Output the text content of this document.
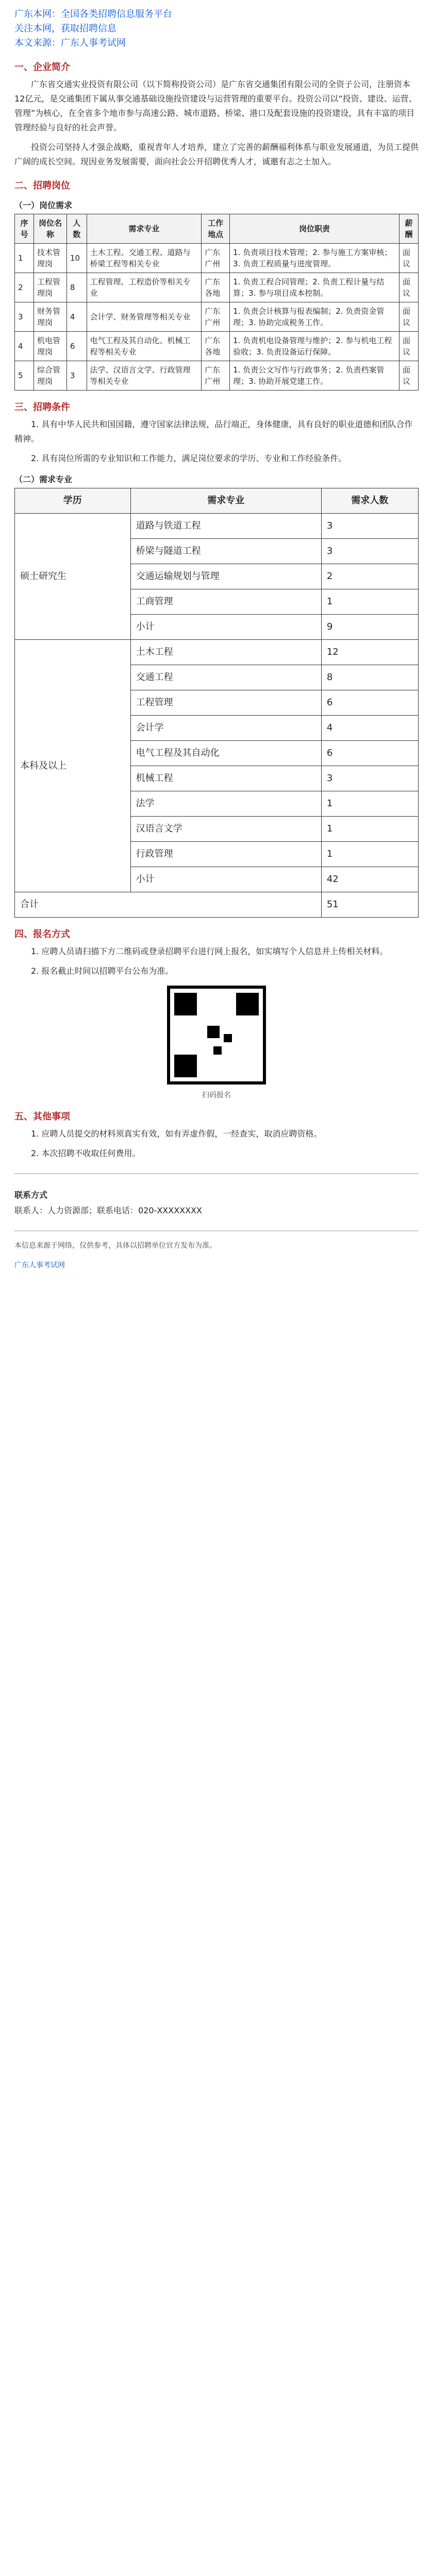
广东本网：全国各类招聘信息服务平台
关注本网，获取招聘信息
本文来源：广东人事考试网
一、企业简介

广东省交通实业投资有限公司（以下简称投资公司）是广东省交通集团有限公司的全资子公司，注册资本12亿元，是交通集团下属从事交通基础设施投资建设与运营管理的重要平台。投资公司以“投资、建设、运营、管理”为核心，在全省多个地市参与高速公路、城市道路、桥梁、港口及配套设施的投资建设，具有丰富的项目管理经验与良好的社会声誉。

投资公司坚持人才强企战略，重视青年人才培养，建立了完善的薪酬福利体系与职业发展通道，为员工提供广阔的成长空间。现因业务发展需要，面向社会公开招聘优秀人才，诚邀有志之士加入。

二、招聘岗位
（一）岗位需求
序号	岗位名称	人数	需求专业	工作地点	岗位职责	薪酬
1	技术管理岗	10	土木工程、交通工程、道路与桥梁工程等相关专业	广东广州	1. 负责项目技术管理；2. 参与施工方案审核；3. 负责工程质量与进度管理。	面议
2	工程管理岗	8	工程管理、工程造价等相关专业	广东各地	1. 负责工程合同管理；2. 负责工程计量与结算；3. 参与项目成本控制。	面议
3	财务管理岗	4	会计学、财务管理等相关专业	广东广州	1. 负责会计核算与报表编制；2. 负责资金管理；3. 协助完成税务工作。	面议
4	机电管理岗	6	电气工程及其自动化、机械工程等相关专业	广东各地	1. 负责机电设备管理与维护；2. 参与机电工程验收；3. 负责设备运行保障。	面议
5	综合管理岗	3	法学、汉语言文学、行政管理等相关专业	广东广州	1. 负责公文写作与行政事务；2. 负责档案管理；3. 协助开展党建工作。	面议
三、招聘条件

1. 具有中华人民共和国国籍，遵守国家法律法规，品行端正，身体健康，具有良好的职业道德和团队合作精神。

2. 具有岗位所需的专业知识和工作能力，满足岗位要求的学历、专业和工作经验条件。

（二）需求专业
学历	需求专业	需求人数
硕士研究生	道路与铁道工程	3
	桥梁与隧道工程	3
	交通运输规划与管理	2
	工商管理	1
	小计	9
本科及以上	土木工程	12
	交通工程	8
	工程管理	6
	会计学	4
	电气工程及其自动化	6
	机械工程	3
	法学	1
	汉语言文学	1
	行政管理	1
	小计	42
合计		51
四、报名方式

1. 应聘人员请扫描下方二维码或登录招聘平台进行网上报名，如实填写个人信息并上传相关材料。

2. 报名截止时间以招聘平台公布为准。

扫码报名
五、其他事项

1. 应聘人员提交的材料须真实有效，如有弄虚作假，一经查实，取消应聘资格。

2. 本次招聘不收取任何费用。

联系方式

联系人：人力资源部；联系电话：020-XXXXXXXX

本信息来源于网络，仅供参考，具体以招聘单位官方发布为准。

广东人事考试网
